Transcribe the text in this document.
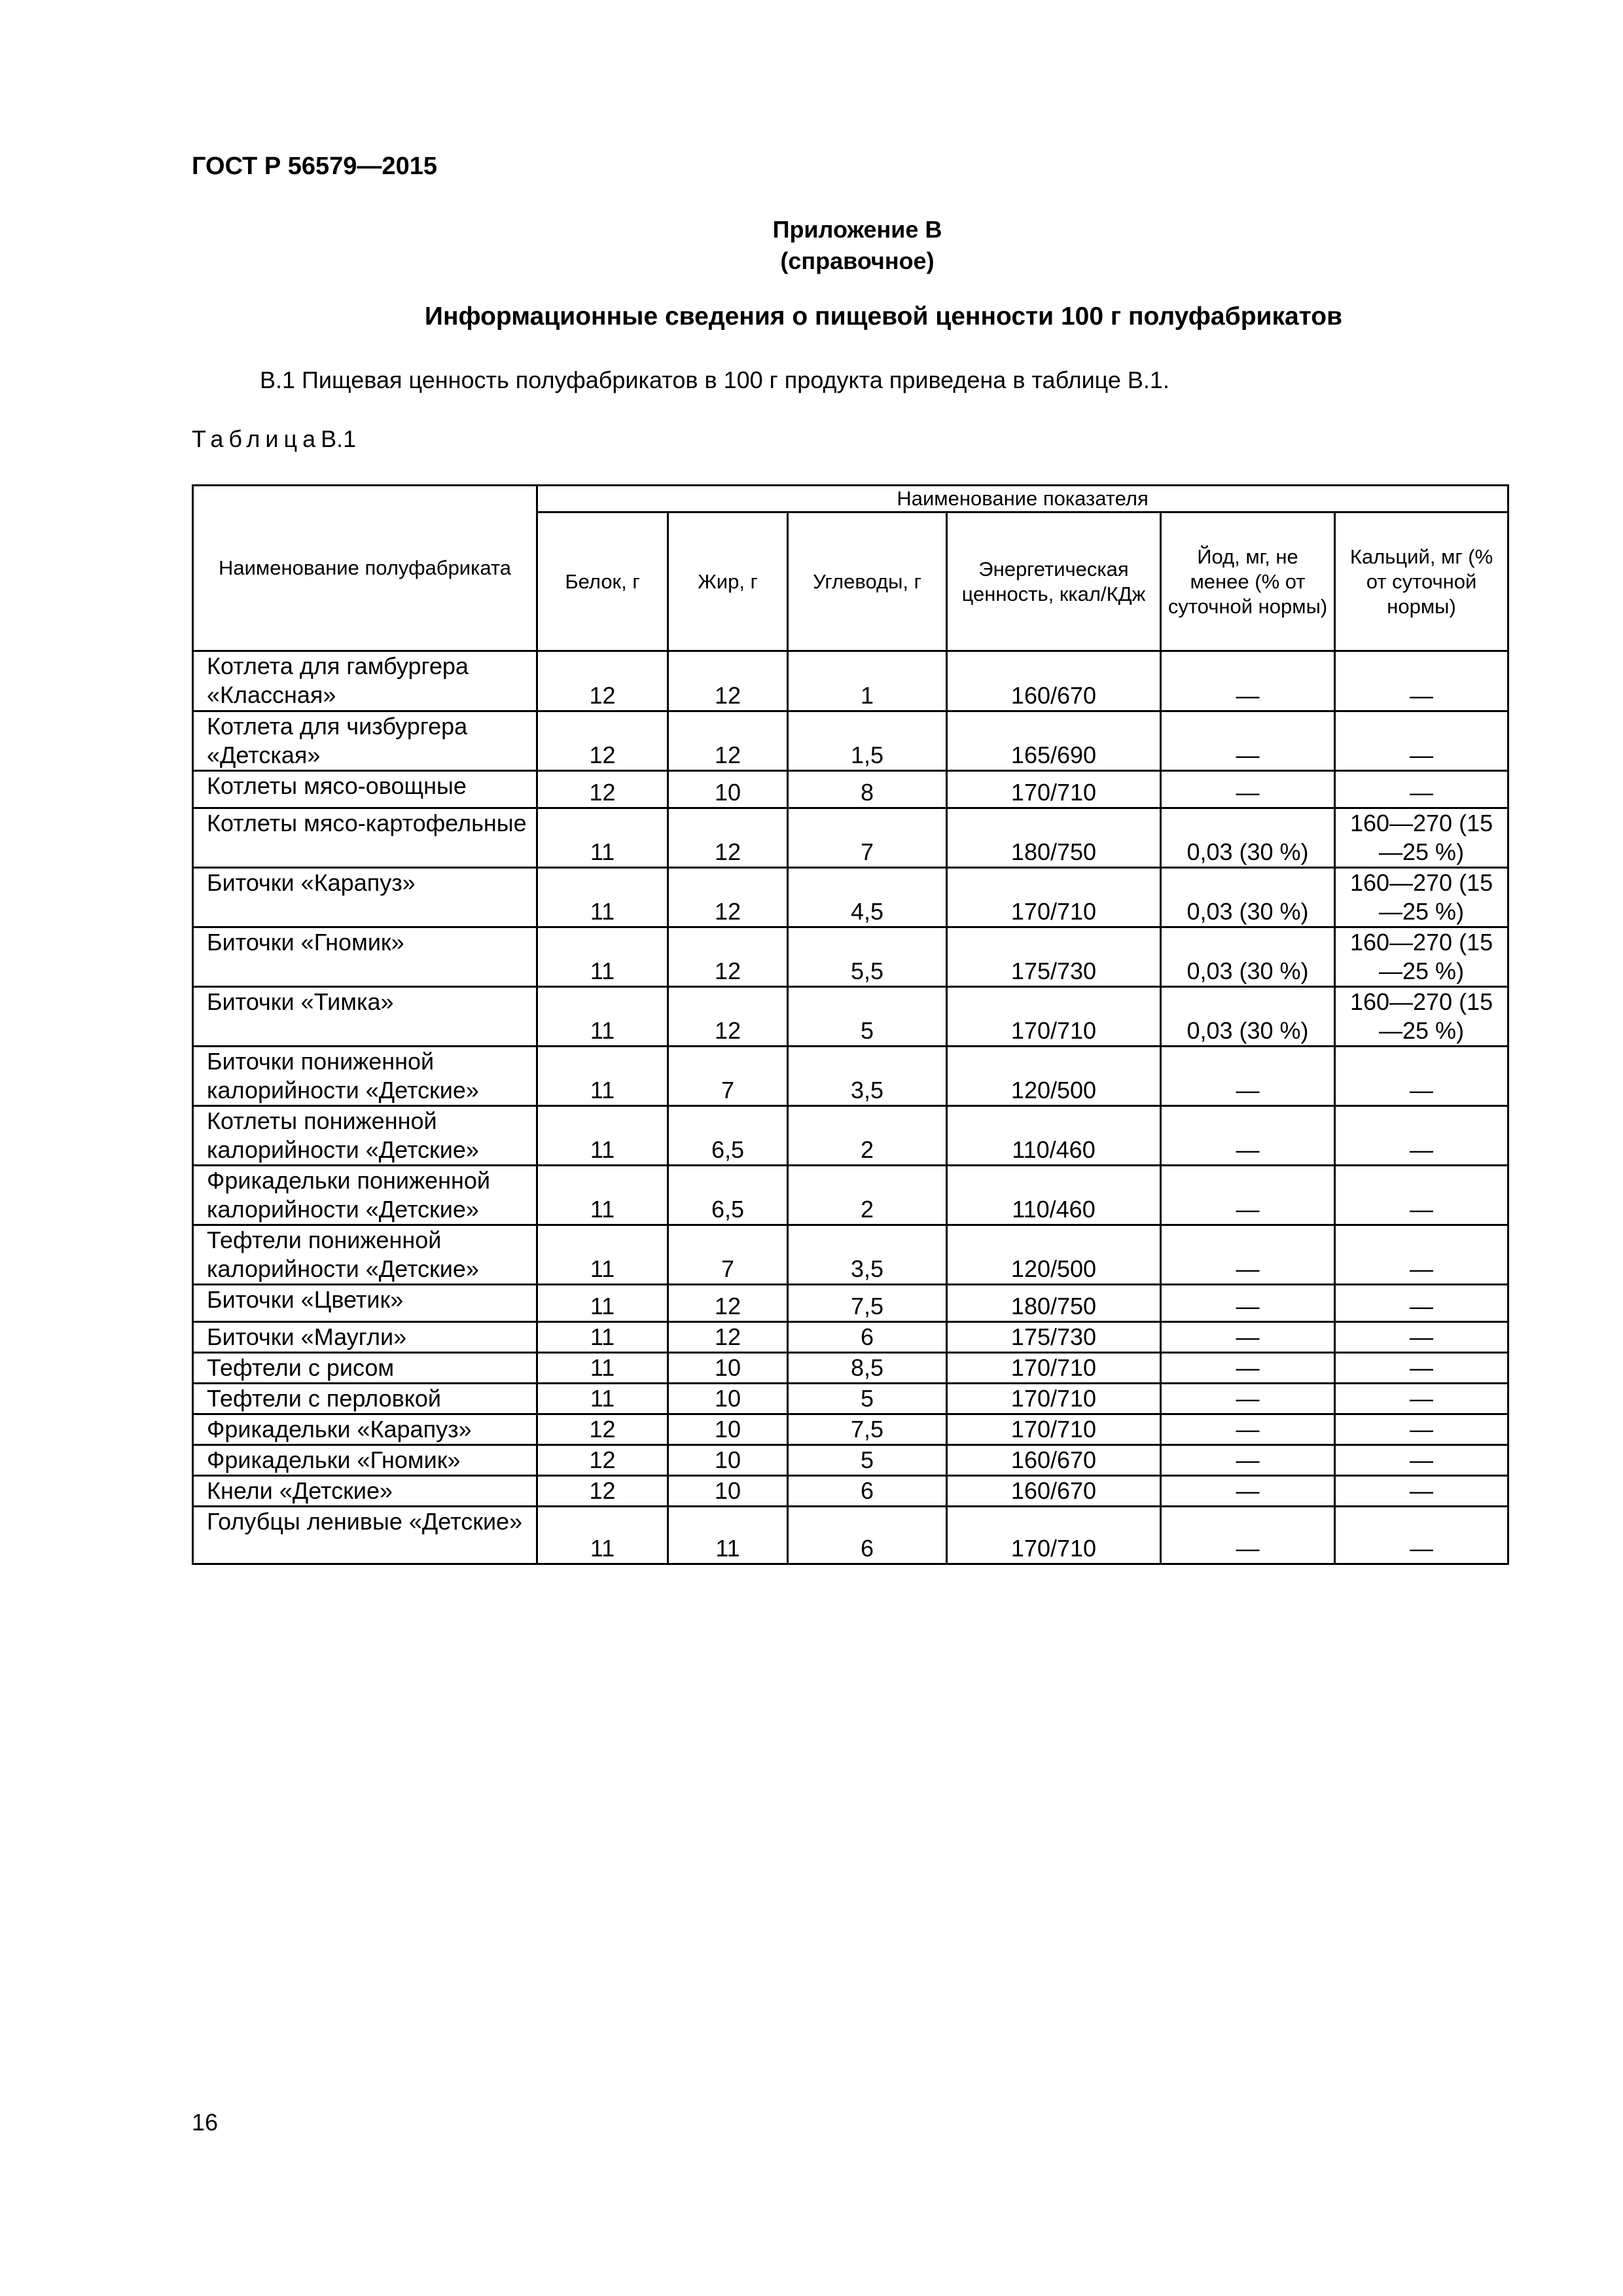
ГОСТ Р 56579—2015
Приложение В
(справочное)
Информационные сведения о пищевой ценности 100 г полуфабрикатов
В.1 Пищевая ценность полуфабрикатов в 100 г продукта приведена в таблице В.1.
ТаблицаВ.1
Наименование полуфабриката	Наименование показателя					
	Белок, г	Жир, г	Углеводы, г	Энергетическая ценность, ккал/КДж	Йод, мг, не менее (% от суточной нормы)	Кальций, мг (% от суточной нормы)
Котлета для гамбургера «Классная»	12	12	1	160/670	—	—
Котлета для чизбургера «Детская»	12	12	1,5	165/690	—	—
Котлеты мясо-овощные	12	10	8	170/710	—	—
Котлеты мясо-картофельные	11	12	7	180/750	0,03 (30 %)	160—270 (15—25 %)
Биточки «Карапуз»	11	12	4,5	170/710	0,03 (30 %)	160—270 (15—25 %)
Биточки «Гномик»	11	12	5,5	175/730	0,03 (30 %)	160—270 (15—25 %)
Биточки «Тимка»	11	12	5	170/710	0,03 (30 %)	160—270 (15—25 %)
Биточки пониженной калорийности «Детские»	11	7	3,5	120/500	—	—
Котлеты пониженной калорийности «Детские»	11	6,5	2	110/460	—	—
Фрикадельки пониженной калорийности «Детские»	11	6,5	2	110/460	—	—
Тефтели пониженной калорийности «Детские»	11	7	3,5	120/500	—	—
Биточки «Цветик»	11	12	7,5	180/750	—	—
Биточки «Маугли»	11	12	6	175/730	—	—
Тефтели с рисом	11	10	8,5	170/710	—	—
Тефтели с перловкой	11	10	5	170/710	—	—
Фрикадельки «Карапуз»	12	10	7,5	170/710	—	—
Фрикадельки «Гномик»	12	10	5	160/670	—	—
Кнели «Детские»	12	10	6	160/670	—	—
Голубцы ленивые «Детские»	11	11	6	170/710	—	—
16
